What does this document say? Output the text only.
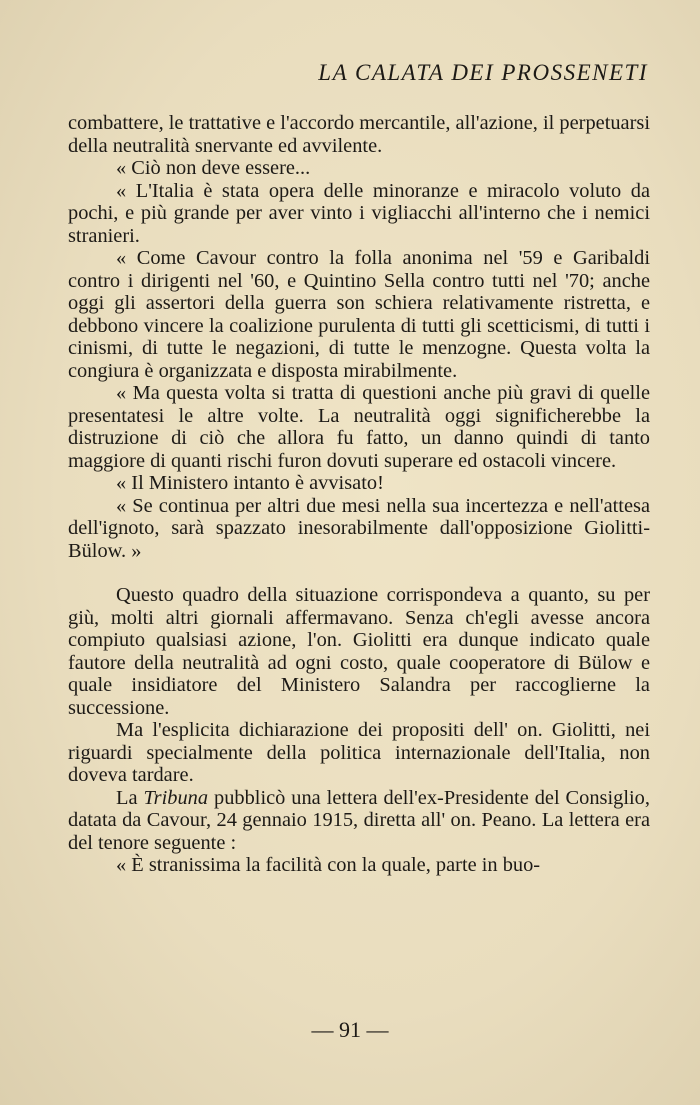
LA CALATA DEI PROSSENETI

combattere, le trattative e l'accordo mercantile, all'azione, il perpetuarsi della neutralità snervante ed avvilente.

« Ciò non deve essere...

« L'Italia è stata opera delle minoranze e miracolo voluto da pochi, e più grande per aver vinto i vigliacchi all'interno che i nemici stranieri.

« Come Cavour contro la folla anonima nel '59 e Garibaldi contro i dirigenti nel '60, e Quintino Sella contro tutti nel '70; anche oggi gli assertori della guerra son schiera relativamente ristretta, e debbono vincere la coalizione purulenta di tutti gli scetticismi, di tutti i cinismi, di tutte le negazioni, di tutte le menzogne. Questa volta la congiura è organizzata e disposta mirabilmente.

« Ma questa volta si tratta di questioni anche più gravi di quelle presentatesi le altre volte. La neutralità oggi significherebbe la distruzione di ciò che allora fu fatto, un danno quindi di tanto maggiore di quanti rischi furon dovuti superare ed ostacoli vincere.

« Il Ministero intanto è avvisato!

« Se continua per altri due mesi nella sua incertezza e nell'attesa dell'ignoto, sarà spazzato inesorabilmente dall'opposizione Giolitti-Bülow. »

Questo quadro della situazione corrispondeva a quanto, su per giù, molti altri giornali affermavano. Senza ch'egli avesse ancora compiuto qualsiasi azione, l'on. Giolitti era dunque indicato quale fautore della neutralità ad ogni costo, quale cooperatore di Bülow e quale insidiatore del Ministero Salandra per raccoglierne la successione.

Ma l'esplicita dichiarazione dei propositi dell' on. Giolitti, nei riguardi specialmente della politica internazionale dell'Italia, non doveva tardare.

La Tribuna pubblicò una lettera dell'ex-Presidente del Consiglio, datata da Cavour, 24 gennaio 1915, diretta all' on. Peano. La lettera era del tenore seguente :

« È stranissima la facilità con la quale, parte in buo-

— 91 —
